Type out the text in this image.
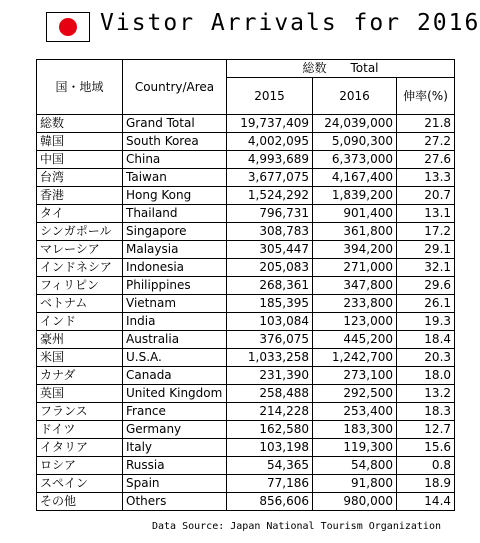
Vistor Arrivals for 2016
国・地域	Country/Area	総数　　Total		
		2015	2016	伸率(%)
総数	Grand Total	19,737,409	24,039,000	21.8
韓国	South Korea	4,002,095	5,090,300	27.2
中国	China	4,993,689	6,373,000	27.6
台湾	Taiwan	3,677,075	4,167,400	13.3
香港	Hong Kong	1,524,292	1,839,200	20.7
タイ	Thailand	796,731	901,400	13.1
シンガポール	Singapore	308,783	361,800	17.2
マレーシア	Malaysia	305,447	394,200	29.1
インドネシア	Indonesia	205,083	271,000	32.1
フィリピン	Philippines	268,361	347,800	29.6
ベトナム	Vietnam	185,395	233,800	26.1
インド	India	103,084	123,000	19.3
豪州	Australia	376,075	445,200	18.4
米国	U.S.A.	1,033,258	1,242,700	20.3
カナダ	Canada	231,390	273,100	18.0
英国	United Kingdom	258,488	292,500	13.2
フランス	France	214,228	253,400	18.3
ドイツ	Germany	162,580	183,300	12.7
イタリア	Italy	103,198	119,300	15.6
ロシア	Russia	54,365	54,800	0.8
スペイン	Spain	77,186	91,800	18.9
その他	Others	856,606	980,000	14.4
Data Source: Japan National Tourism Organization
